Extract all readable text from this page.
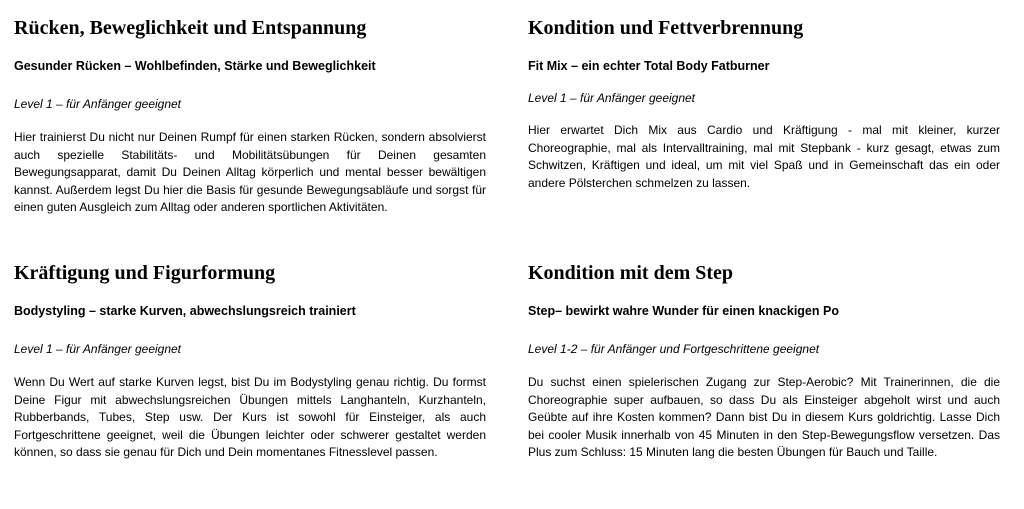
Rücken, Beweglichkeit und Entspannung

Gesunder Rücken – Wohlbefinden, Stärke und Beweglichkeit

Level 1 – für Anfänger geeignet

Hier trainierst Du nicht nur Deinen Rumpf für einen starken Rücken, sondern absolvierst auch spezielle Stabilitäts- und Mobilitätsübungen für Deinen gesamten Bewegungsapparat, damit Du Deinen Alltag körperlich und mental besser bewältigen kannst. Außerdem legst Du hier die Basis für gesunde Bewegungsabläufe und sorgst für einen guten Ausgleich zum Alltag oder anderen sportlichen Aktivitäten.

Kondition und Fettverbrennung

Fit Mix – ein echter Total Body Fatburner

Level 1 – für Anfänger geeignet

Hier erwartet Dich Mix aus Cardio und Kräftigung - mal mit kleiner, kurzer Choreographie, mal als Intervalltraining, mal mit Stepbank - kurz gesagt, etwas zum Schwitzen, Kräftigen und ideal, um mit viel Spaß und in Gemeinschaft das ein oder andere Pölsterchen schmelzen zu lassen.

Kräftigung und Figurformung

Bodystyling – starke Kurven, abwechslungsreich trainiert

Level 1 – für Anfänger geeignet

Wenn Du Wert auf starke Kurven legst, bist Du im Bodystyling genau richtig. Du formst Deine Figur mit abwechslungsreichen Übungen mittels Langhanteln, Kurzhanteln, Rubberbands, Tubes, Step usw. Der Kurs ist sowohl für Einsteiger, als auch Fortgeschrittene geeignet, weil die Übungen leichter oder schwerer gestaltet werden können, so dass sie genau für Dich und Dein momentanes Fitnesslevel passen.

Kondition mit dem Step

Step– bewirkt wahre Wunder für einen knackigen Po

Level 1-2 – für Anfänger und Fortgeschrittene geeignet

Du suchst einen spielerischen Zugang zur Step-Aerobic? Mit Trainerinnen, die die Choreographie super aufbauen, so dass Du als Einsteiger abgeholt wirst und auch Geübte auf ihre Kosten kommen? Dann bist Du in diesem Kurs goldrichtig. Lasse Dich bei cooler Musik innerhalb von 45 Minuten in den Step-Bewegungsflow versetzen. Das Plus zum Schluss: 15 Minuten lang die besten Übungen für Bauch und Taille.
